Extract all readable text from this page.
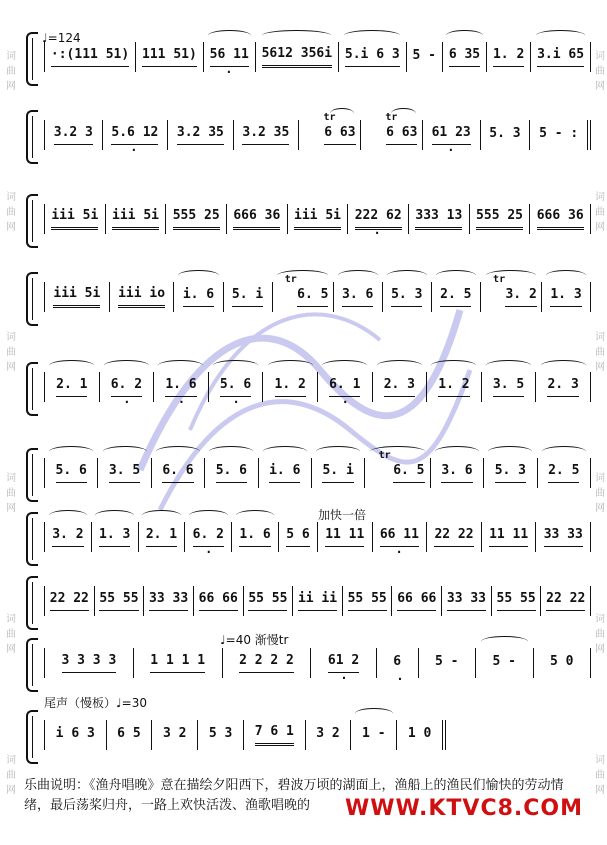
词 曲 网
词 曲 网
词 曲 网
词 曲 网
词 曲 网
词 曲 网
词 曲 网
词 曲 网
词 曲 网
词 曲 网
词 曲 网
词 曲 网
♩=124
·:(111 51) 111 51) 56 11 . 5612 356i 5.i 6 3 5 - 6 35 1. 2 3.i 65
3.2 3 5.6 12 . 3.2 35 3.2 35
tr
6 63
tr
6 63 61 23 . 5. 3 5 - :
iii 5i iii 5i 555 25 666 36 iii 5i 222 62 . 333 13 555 25 666 36
iii 5i iii io i. 6 5. i
tr
6. 5 3. 6 5. 3 2. 5
tr
3. 2 1. 3
2. 1 6. 2 . 1. 6 . 5. 6 . 1. 2 6. 1 . 2. 3 1. 2 3. 5 2. 3
5. 6 3. 5 6. 6 5. 6 i. 6 5. i
tr
6. 5 3. 6 5. 3 2. 5
加快一倍
3. 2 1. 3 2. 1 6. 2 . 1. 6 5 6 11 11 66 11 . 22 22 11 11 33 33
22 22 55 55 33 33 66 66 55 55 ii ii 55 55 66 66 33 33 55 55 22 22
♩=40 渐慢tr
3 3 3 3	1 1 1 1	2 2 2 2	61 2 .	6 .	5 -	5 -	5 0
尾声（慢板）♩=30
i 6 3 6 5 3 2 5 3 7 6 1 3 2 1 - 1 0
乐曲说明：《渔舟唱晚》意在描绘夕阳西下，碧波万顷的湖面上，渔船上的渔民们愉快的劳动情绪，最后荡桨归舟，一路上欢快活泼、渔歌唱晚的	WWW.KTVC8.COM
